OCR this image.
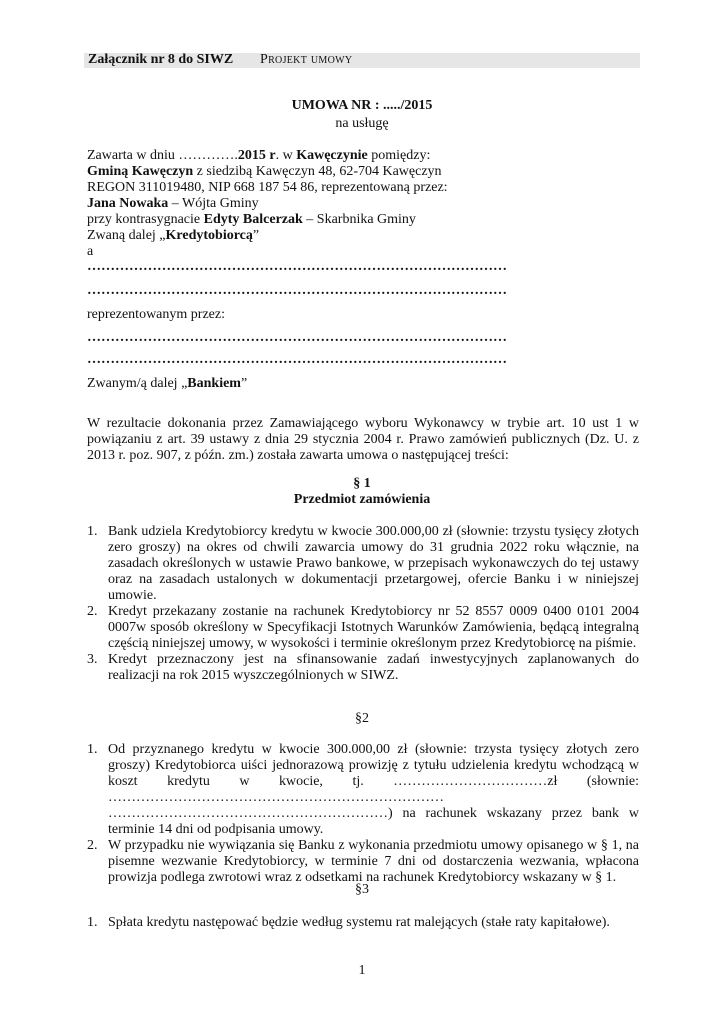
Załącznik nr 8 do SIWZ Projekt umowy
UMOWA NR : ...../2015
na usługę
Zawarta w dniu ………….2015 r. w Kawęczynie pomiędzy:
Gminą Kawęczyn z siedzibą Kawęczyn 48, 62-704 Kawęczyn
REGON 311019480, NIP 668 187 54 86, reprezentowaną przez:
Jana Nowaka – Wójta Gminy
przy kontrasygnacie Edyty Balcerzak – Skarbnika Gminy
Zwaną dalej „Kredytobiorcą”
a
………………………………………………………………………………
………………………………………………………………………………
reprezentowanym przez:
………………………………………………………………………………
………………………………………………………………………………
Zwanym/ą dalej „Bankiem”
W rezultacie dokonania przez Zamawiającego wyboru Wykonawcy w trybie art. 10 ust 1 w powiązaniu z art. 39 ustawy z dnia 29 stycznia 2004 r. Prawo zamówień publicznych (Dz. U. z 2013 r. poz. 907, z późn. zm.) została zawarta umowa o następującej treści:
§ 1
Przedmiot zamówienia
1. Bank udziela Kredytobiorcy kredytu w kwocie 300.000,00 zł (słownie: trzystu tysięcy złotych zero groszy) na okres od chwili zawarcia umowy do 31 grudnia 2022 roku włącznie, na zasadach określonych w ustawie Prawo bankowe, w przepisach wykonawczych do tej ustawy oraz na zasadach ustalonych w dokumentacji przetargowej, ofercie Banku i w niniejszej umowie.
2. Kredyt przekazany zostanie na rachunek Kredytobiorcy nr 52 8557 0009 0400 0101 2004 0007w sposób określony w Specyfikacji Istotnych Warunków Zamówienia, będącą integralną częścią niniejszej umowy, w wysokości i terminie określonym przez Kredytobiorcę na piśmie.
3. Kredyt przeznaczony jest na sfinansowanie zadań inwestycyjnych zaplanowanych do realizacji na rok 2015 wyszczególnionych w SIWZ.
§2
1. Od przyznanego kredytu w kwocie 300.000,00 zł (słownie: trzysta tysięcy złotych zero groszy) Kredytobiorca uiści jednorazową prowizję z tytułu udzielenia kredytu wchodzącą w koszt kredytu w kwocie, tj. ……………………………zł (słownie: ……………………………………………………………… ……………………………………………………) na rachunek wskazany przez bank w terminie 14 dni od podpisania umowy.
2. W przypadku nie wywiązania się Banku z wykonania przedmiotu umowy opisanego w § 1, na pisemne wezwanie Kredytobiorcy, w terminie 7 dni od dostarczenia wezwania, wpłacona prowizja podlega zwrotowi wraz z odsetkami na rachunek Kredytobiorcy wskazany w § 1.
§3
1. Spłata kredytu następować będzie według systemu rat malejących (stałe raty kapitałowe).
1
